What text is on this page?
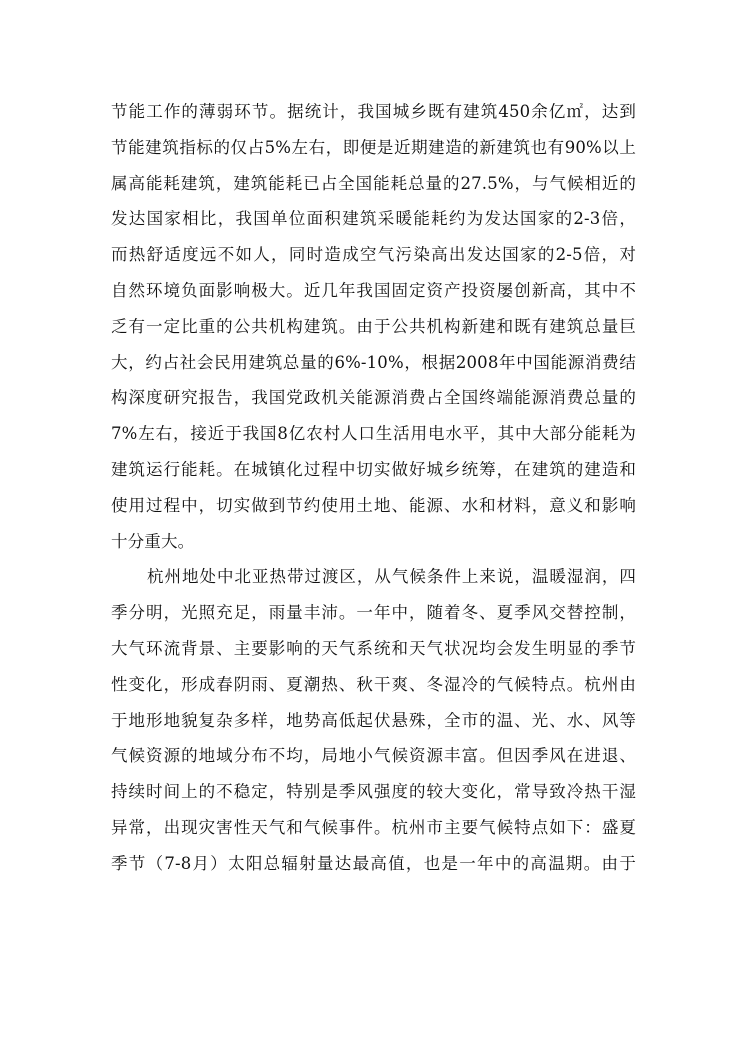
节能工作的薄弱环节。据统计，我国城乡既有建筑450余亿㎡，达到
节能建筑指标的仅占5%左右，即便是近期建造的新建筑也有90%以上
属高能耗建筑，建筑能耗已占全国能耗总量的27.5%，与气候相近的
发达国家相比，我国单位面积建筑采暖能耗约为发达国家的2-3倍，
而热舒适度远不如人，同时造成空气污染高出发达国家的2-5倍，对
自然环境负面影响极大。近几年我国固定资产投资屡创新高，其中不
乏有一定比重的公共机构建筑。由于公共机构新建和既有建筑总量巨
大，约占社会民用建筑总量的6%-10%，根据2008年中国能源消费结
构深度研究报告，我国党政机关能源消费占全国终端能源消费总量的
7%左右，接近于我国8亿农村人口生活用电水平，其中大部分能耗为
建筑运行能耗。在城镇化过程中切实做好城乡统筹，在建筑的建造和
使用过程中，切实做到节约使用土地、能源、水和材料，意义和影响
十分重大。
杭州地处中北亚热带过渡区，从气候条件上来说，温暖湿润，四
季分明，光照充足，雨量丰沛。一年中，随着冬、夏季风交替控制，
大气环流背景、主要影响的天气系统和天气状况均会发生明显的季节
性变化，形成春阴雨、夏潮热、秋干爽、冬湿冷的气候特点。杭州由
于地形地貌复杂多样，地势高低起伏悬殊，全市的温、光、水、风等
气候资源的地域分布不均，局地小气候资源丰富。但因季风在进退、
持续时间上的不稳定，特别是季风强度的较大变化，常导致冷热干湿
异常，出现灾害性天气和气候事件。杭州市主要气候特点如下：盛夏
季节（7-8月）太阳总辐射量达最高值，也是一年中的高温期。由于
